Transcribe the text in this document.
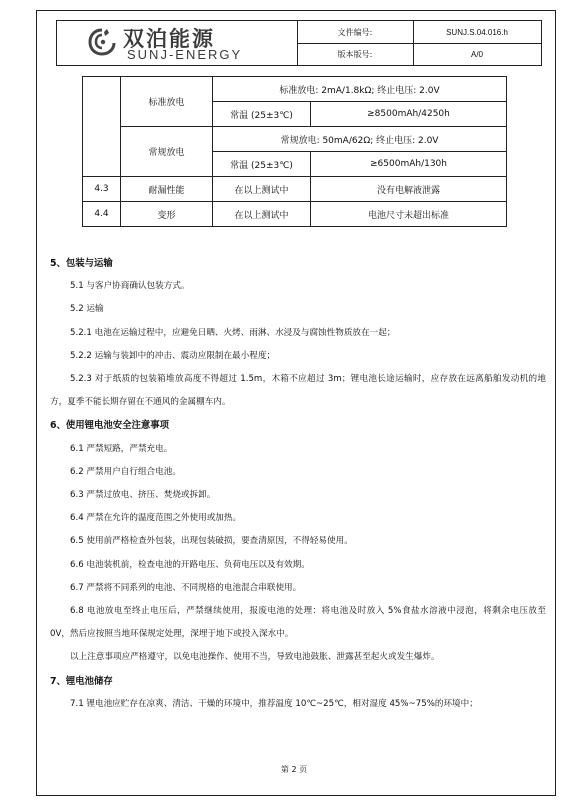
双泊能源
SUNJ-ENERGY
文件编号:	SUNJ.S.04.016.h
版本版号:	A/0
	标准放电	标准放电: 2mA/1.8kΩ; 终止电压: 2.0V	
		常温 (25±3℃)	≥8500mAh/4250h
	常规放电	常规放电: 50mA/62Ω; 终止电压: 2.0V	
		常温 (25±3℃)	≥6500mAh/130h
4.3	耐漏性能	在以上测试中	没有电解液泄露
4.4	变形	在以上测试中	电池尺寸未超出标准

5、包装与运输

5.1 与客户协商确认包装方式。

5.2 运输

5.2.1 电池在运输过程中，应避免日晒、火烤、雨淋、水浸及与腐蚀性物质放在一起；

5.2.2 运输与装卸中的冲击、震动应限制在最小程度；

5.2.3 对于纸质的包装箱堆放高度不得超过 1.5m，木箱不应超过 3m；锂电池长途运输时，应存放在远离船舶发动机的地方，夏季不能长期存留在不通风的金属棚车内。

6、使用锂电池安全注意事项

6.1 严禁短路，严禁充电。

6.2 严禁用户自行组合电池。

6.3 严禁过放电、挤压、焚烧或拆卸。

6.4 严禁在允许的温度范围之外使用或加热。

6.5 使用前严格检查外包装，出现包装破损，要查清原因，不得轻易使用。

6.6 电池装机前，检查电池的开路电压、负荷电压以及有效期。

6.7 严禁将不同系列的电池、不同规格的电池混合串联使用。

6.8 电池放电至终止电压后，严禁继续使用，报废电池的处理：将电池及时放入 5%食盐水溶液中浸泡，将剩余电压放至 0V，然后应按照当地环保规定处理，深埋于地下或投入深水中。

以上注意事项应严格遵守，以免电池操作、使用不当，导致电池鼓胀、泄露甚至起火或发生爆炸。

7、锂电池储存

7.1 锂电池应贮存在凉爽、清洁、干燥的环境中，推荐温度 10℃~25℃，相对湿度 45%~75%的环境中；

第 2 页
